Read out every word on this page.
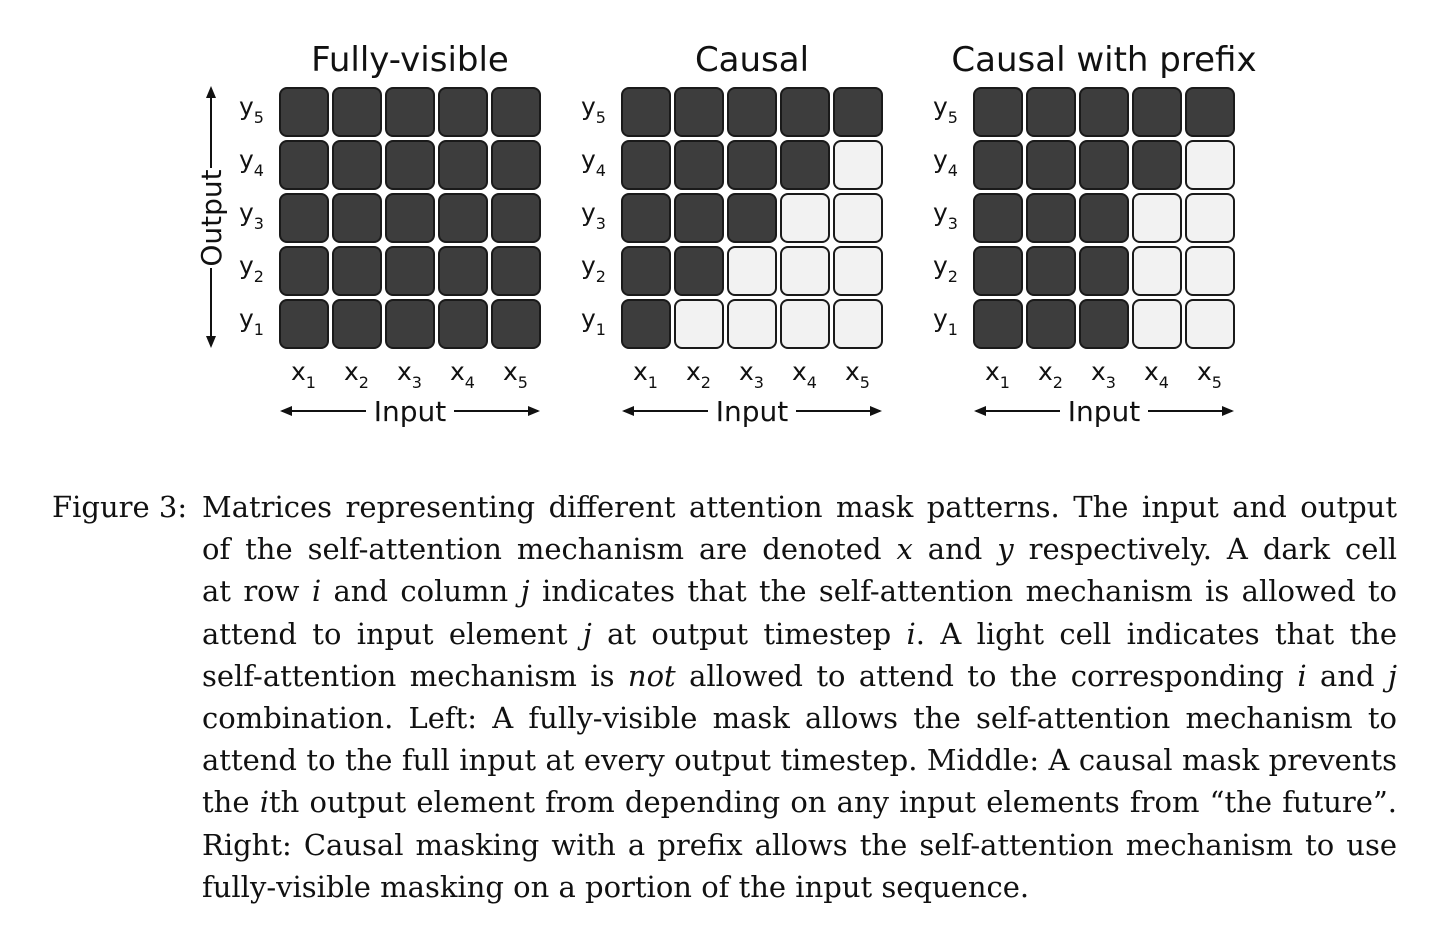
Fully-visible
$y_5$
$y_4$
$y_3$
$y_2$
$y_1$
$x_1$ $x_2$ $x_3$ $x_4$ $x_5$
Input
Causal
$y_5$
$y_4$
$y_3$
$y_2$
$y_1$
$x_1$ $x_2$ $x_3$ $x_4$ $x_5$
Input
Causal with prefix
$y_5$
$y_4$
$y_3$
$y_2$
$y_1$
$x_1$ $x_2$ $x_3$ $x_4$ $x_5$
Input
Output
Figure 3: Matrices representing different attention mask patterns. The input and output
of the self-attention mechanism are denoted x and y respectively. A dark cell
at row i and column j indicates that the self-attention mechanism is allowed to
attend to input element j at output timestep i. A light cell indicates that the
self-attention mechanism is not allowed to attend to the corresponding i and j
combination. Left: A fully-visible mask allows the self-attention mechanism to
attend to the full input at every output timestep. Middle: A causal mask prevents
the ith output element from depending on any input elements from “the future”.
Right: Causal masking with a prefix allows the self-attention mechanism to use
fully-visible masking on a portion of the input sequence.
